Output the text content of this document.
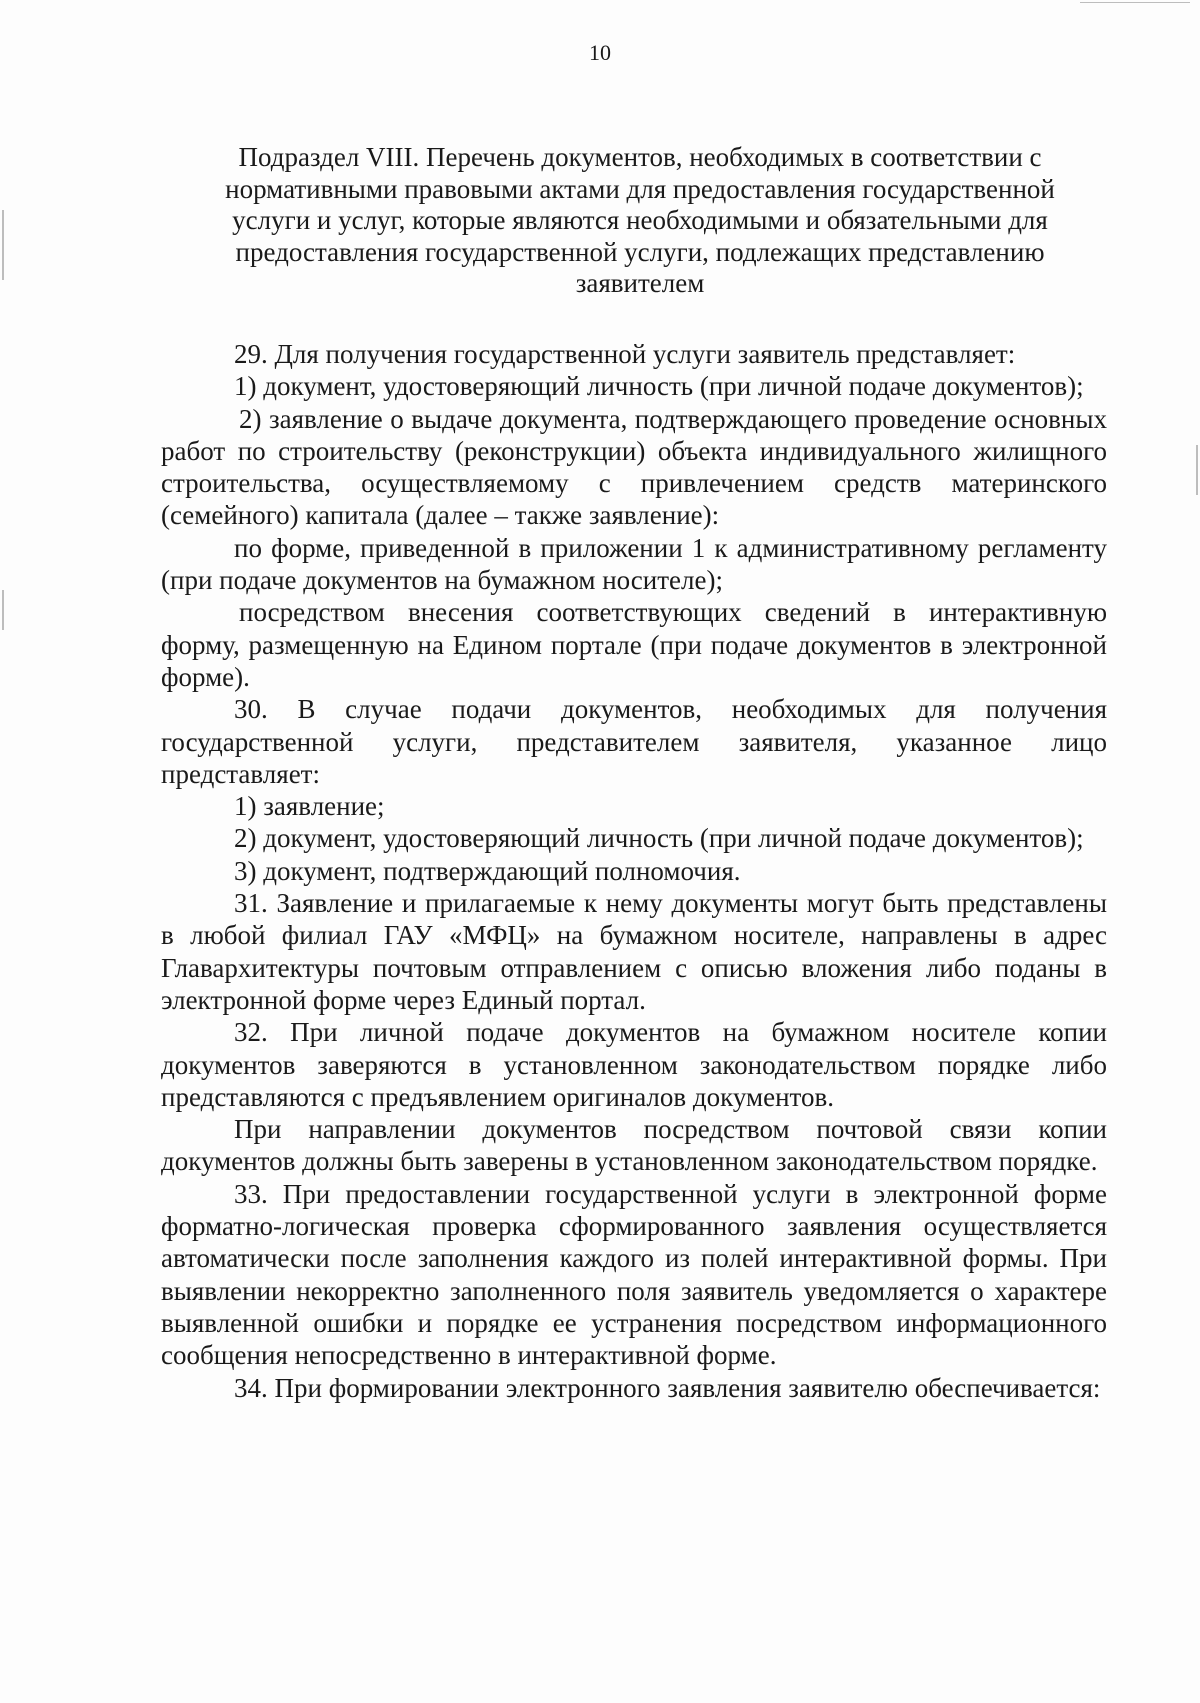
10
Подраздел VIII. Перечень документов, необходимых в соответствии с
нормативными правовыми актами для предоставления государственной
услуги и услуг, которые являются необходимыми и обязательными для
предоставления государственной услуги, подлежащих представлению
заявителем

29. Для получения государственной услуги заявитель представляет:

1) документ, удостоверяющий личность (при личной подаче документов);

2) заявление о выдаче документа, подтверждающего проведение основных работ по строительству (реконструкции) объекта индивидуального жилищного строительства, осуществляемому с привлечением средств материнского (семейного) капитала (далее – также заявление):

по форме, приведенной в приложении 1 к административному регламенту (при подаче документов на бумажном носителе);

посредством внесения соответствующих сведений в интерактивную форму, размещенную на Едином портале (при подаче документов в электронной форме).

30. В случае подачи документов, необходимых для получения государственной услуги, представителем заявителя, указанное лицо представляет:

1) заявление;

2) документ, удостоверяющий личность (при личной подаче документов);

3) документ, подтверждающий полномочия.

31. Заявление и прилагаемые к нему документы могут быть представлены в любой филиал ГАУ «МФЦ» на бумажном носителе, направлены в адрес Главархитектуры почтовым отправлением с описью вложения либо поданы в электронной форме через Единый портал.

32. При личной подаче документов на бумажном носителе копии документов заверяются в установленном законодательством порядке либо представляются с предъявлением оригиналов документов.

При направлении документов посредством почтовой связи копии документов должны быть заверены в установленном законодательством порядке.

33. При предоставлении государственной услуги в электронной форме форматно-логическая проверка сформированного заявления осуществляется автоматически после заполнения каждого из полей интерактивной формы. При выявлении некорректно заполненного поля заявитель уведомляется о характере выявленной ошибки и порядке ее устранения посредством информационного сообщения непосредственно в интерактивной форме.

34. При формировании электронного заявления заявителю обеспечивается:
